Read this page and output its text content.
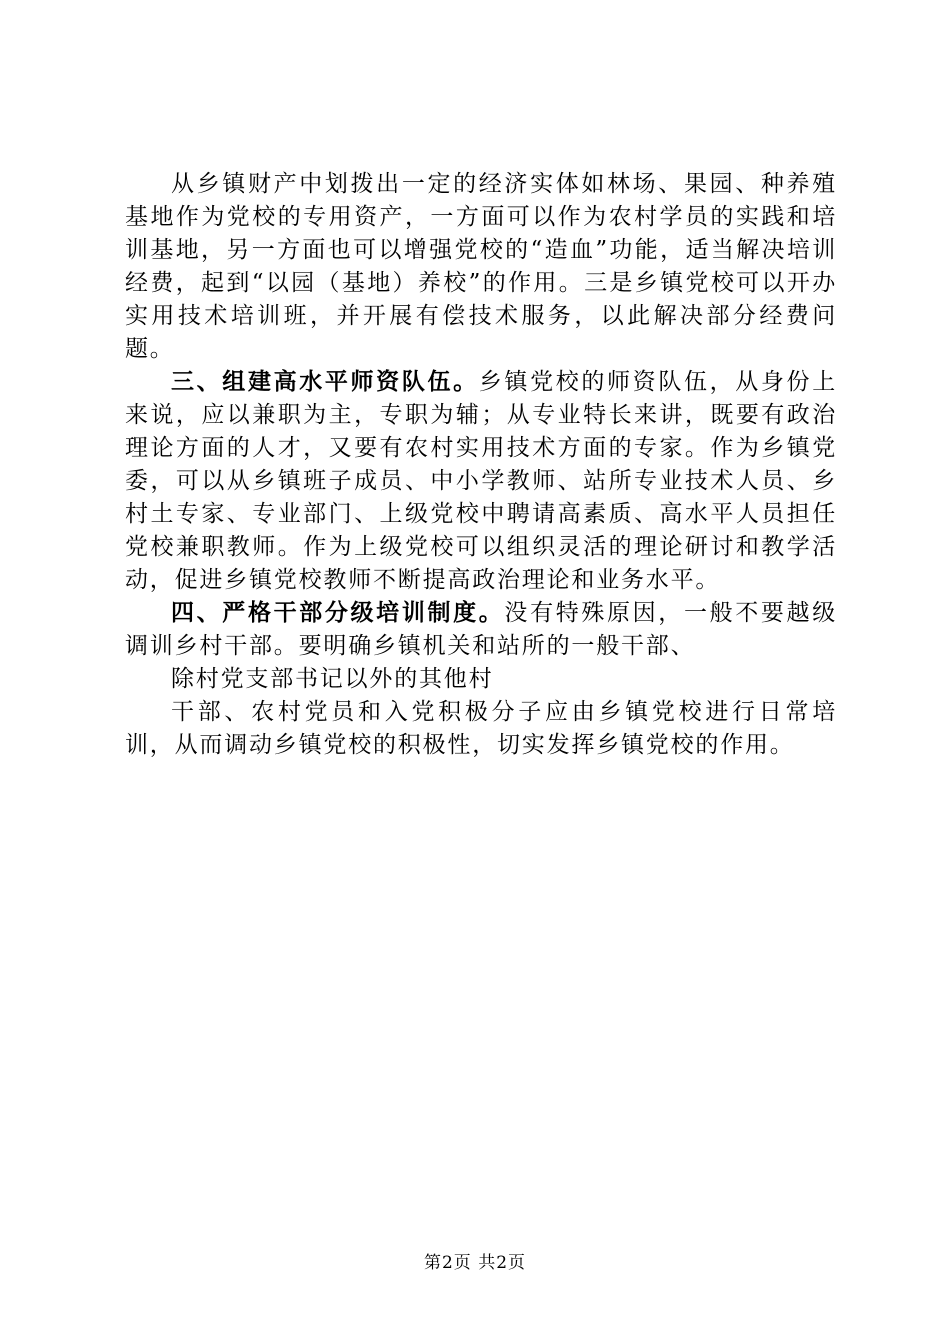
从乡镇财产中划拨出一定的经济实体如林场、果园、种养殖基地作为党校的专用资产，一方面可以作为农村学员的实践和培训基地，另一方面也可以增强党校的“造血”功能，适当解决培训经费，起到“以园（基地）养校”的作用。三是乡镇党校可以开办实用技术培训班，并开展有偿技术服务，以此解决部分经费问题。

三、组建高水平师资队伍。乡镇党校的师资队伍，从身份上来说，应以兼职为主，专职为辅；从专业特长来讲，既要有政治理论方面的人才，又要有农村实用技术方面的专家。作为乡镇党委，可以从乡镇班子成员、中小学教师、站所专业技术人员、乡村土专家、专业部门、上级党校中聘请高素质、高水平人员担任党校兼职教师。作为上级党校可以组织灵活的理论研讨和教学活动，促进乡镇党校教师不断提高政治理论和业务水平。

四、严格干部分级培训制度。没有特殊原因，一般不要越级调训乡村干部。要明确乡镇机关和站所的一般干部、

除村党支部书记以外的其他村

干部、农村党员和入党积极分子应由乡镇党校进行日常培训，从而调动乡镇党校的积极性，切实发挥乡镇党校的作用。

第2页 共2页
